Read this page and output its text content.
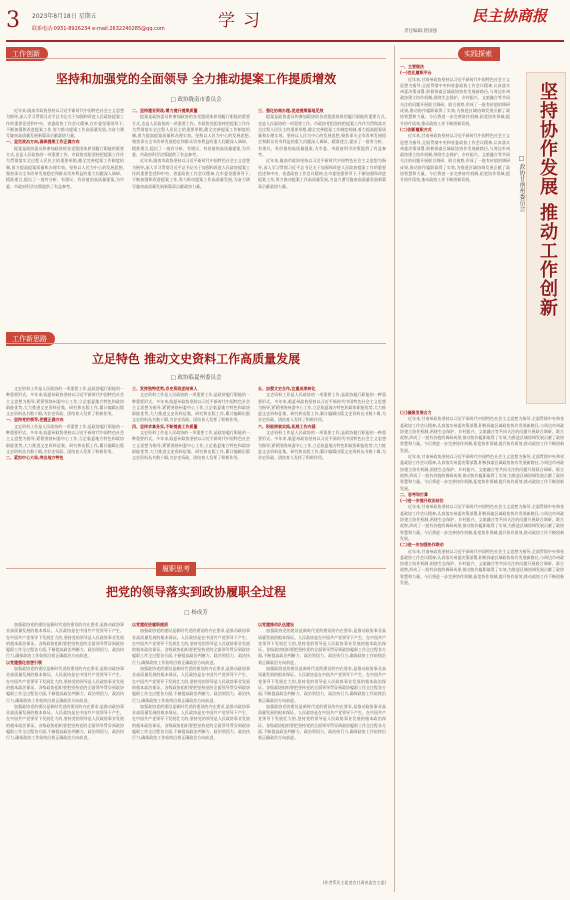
3 2023年8月18日 星期五
联系电话:0931-8926234 e-mail:2632240285@qq.com	学习
责任编辑:唐国强
民主协商报
工作创新
坚持和加强党的全面领导 全力推动提案工作提质增效
□ 政协陇南市委员会

近年来,陇南市政协坚持以习近平新时代中国特色社会主义思想为指导,深入学习贯彻习近平总书记关于加强和改进人民政协提案工作的重要论述和中央、省委政协工作会议精神,在市委坚强领导下,不断加强和改进提案工作,努力推动提案工作高质量发展,为奋力谱写陇南高质量发展新篇章贡献政协力量。

一、坚定政治方向,确保提案工作正确方向

提案是政协委员和参加政协的各党派团体界别履行职能的重要方式,也是人民政协的一项重要工作。市政协党组坚持把提案工作作为贯彻落实全过程人民民主的重要举措,健全完善提案工作制度机制,着力提高提案质量和办理实效。坚持以人民为中心的发展思想,聚焦事关全市改革发展稳定和群众切身利益的重大问题深入调研、精准建言,提出了一批有分析、有建议、有价值的高质量提案,为市委、市政府科学决策提供了有益参考。

二、坚持建言资政,着力提升提案质量

提案是政协委员和参加政协的各党派团体界别履行职能的重要方式,也是人民政协的一项重要工作。市政协党组坚持把提案工作作为贯彻落实全过程人民民主的重要举措,健全完善提案工作制度机制,着力提高提案质量和办理实效。坚持以人民为中心的发展思想,聚焦事关全市改革发展稳定和群众切身利益的重大问题深入调研、精准建言,提出了一批有分析、有建议、有价值的高质量提案,为市委、市政府科学决策提供了有益参考。

近年来,陇南市政协坚持以习近平新时代中国特色社会主义思想为指导,深入学习贯彻习近平总书记关于加强和改进人民政协提案工作的重要论述和中央、省委政协工作会议精神,在市委坚强领导下,不断加强和改进提案工作,努力推动提案工作高质量发展,为奋力谱写陇南高质量发展新篇章贡献政协力量。

三、强化协商办理,促进提案落地见效

提案是政协委员和参加政协的各党派团体界别履行职能的重要方式,也是人民政协的一项重要工作。市政协党组坚持把提案工作作为贯彻落实全过程人民民主的重要举措,健全完善提案工作制度机制,着力提高提案质量和办理实效。坚持以人民为中心的发展思想,聚焦事关全市改革发展稳定和群众切身利益的重大问题深入调研、精准建言,提出了一批有分析、有建议、有价值的高质量提案,为市委、市政府科学决策提供了有益参考。

近年来,陇南市政协坚持以习近平新时代中国特色社会主义思想为指导,深入学习贯彻习近平总书记关于加强和改进人民政协提案工作的重要论述和中央、省委政协工作会议精神,在市委坚强领导下,不断加强和改进提案工作,努力推动提案工作高质量发展,为奋力谱写陇南高质量发展新篇章贡献政协力量。

工作新思路
立足特色 推动文史资料工作高质量发展
□ 政协临夏州委员会

文史资料工作是人民政协的一项重要工作,是政协履行职能的一种重要形式。多年来,临夏州政协坚持以习近平新时代中国特色社会主义思想为指导,紧紧围绕州委中心工作,立足临夏地方特色和政协职能优势,大力推进文史资料征集、研究和出版工作,累计编辑出版文史资料丛书数十辑,为存史资政、团结育人发挥了积极作用。

一、坚持党的领导,把握正确方向

文史资料工作是人民政协的一项重要工作,是政协履行职能的一种重要形式。多年来,临夏州政协坚持以习近平新时代中国特色社会主义思想为指导,紧紧围绕州委中心工作,立足临夏地方特色和政协职能优势,大力推进文史资料征集、研究和出版工作,累计编辑出版文史资料丛书数十辑,为存史资政、团结育人发挥了积极作用。

二、紧扣中心大局,突出地方特色

三、发挥独特优势,存史资政团结育人

文史资料工作是人民政协的一项重要工作,是政协履行职能的一种重要形式。多年来,临夏州政协坚持以习近平新时代中国特色社会主义思想为指导,紧紧围绕州委中心工作,立足临夏地方特色和政协职能优势,大力推进文史资料征集、研究和出版工作,累计编辑出版文史资料丛书数十辑,为存史资政、团结育人发挥了积极作用。

四、坚持求真务实,不断提高工作质量

文史资料工作是人民政协的一项重要工作,是政协履行职能的一种重要形式。多年来,临夏州政协坚持以习近平新时代中国特色社会主义思想为指导,紧紧围绕州委中心工作,立足临夏地方特色和政协职能优势,大力推进文史资料征集、研究和出版工作,累计编辑出版文史资料丛书数十辑,为存史资政、团结育人发挥了积极作用。

五、加强文史合作,注重成果转化

文史资料工作是人民政协的一项重要工作,是政协履行职能的一种重要形式。多年来,临夏州政协坚持以习近平新时代中国特色社会主义思想为指导,紧紧围绕州委中心工作,立足临夏地方特色和政协职能优势,大力推进文史资料征集、研究和出版工作,累计编辑出版文史资料丛书数十辑,为存史资政、团结育人发挥了积极作用。

六、积极探索实践,拓展工作内涵

文史资料工作是人民政协的一项重要工作,是政协履行职能的一种重要形式。多年来,临夏州政协坚持以习近平新时代中国特色社会主义思想为指导,紧紧围绕州委中心工作,立足临夏地方特色和政协职能优势,大力推进文史资料征集、研究和出版工作,累计编辑出版文史资料丛书数十辑,为存史资政、团结育人发挥了积极作用。

履职思考
把党的领导落实到政协履职全过程
□ 杨成芳

加强政协党的建设是新时代党的建设的内在要求,是推动政协事业高质量发展的根本保证。人民政协是在中国共产党领导下产生、在中国共产党领导下发展壮大的,坚持党的领导是人民政协事业发展的根本政治保证。各级政协组织要把坚持党的全面领导贯穿到政协履职工作全过程各方面,不断提高政治判断力、政治领悟力、政治执行力,确保政协工作始终沿着正确政治方向前进。

以党建强化思想引领

加强政协党的建设是新时代党的建设的内在要求,是推动政协事业高质量发展的根本保证。人民政协是在中国共产党领导下产生、在中国共产党领导下发展壮大的,坚持党的领导是人民政协事业发展的根本政治保证。各级政协组织要把坚持党的全面领导贯穿到政协履职工作全过程各方面,不断提高政治判断力、政治领悟力、政治执行力,确保政协工作始终沿着正确政治方向前进。

加强政协党的建设是新时代党的建设的内在要求,是推动政协事业高质量发展的根本保证。人民政协是在中国共产党领导下产生、在中国共产党领导下发展壮大的,坚持党的领导是人民政协事业发展的根本政治保证。各级政协组织要把坚持党的全面领导贯穿到政协履职工作全过程各方面,不断提高政治判断力、政治领悟力、政治执行力,确保政协工作始终沿着正确政治方向前进。

以党建促进履职提质

加强政协党的建设是新时代党的建设的内在要求,是推动政协事业高质量发展的根本保证。人民政协是在中国共产党领导下产生、在中国共产党领导下发展壮大的,坚持党的领导是人民政协事业发展的根本政治保证。各级政协组织要把坚持党的全面领导贯穿到政协履职工作全过程各方面,不断提高政治判断力、政治领悟力、政治执行力,确保政协工作始终沿着正确政治方向前进。

加强政协党的建设是新时代党的建设的内在要求,是推动政协事业高质量发展的根本保证。人民政协是在中国共产党领导下产生、在中国共产党领导下发展壮大的,坚持党的领导是人民政协事业发展的根本政治保证。各级政协组织要把坚持党的全面领导贯穿到政协履职工作全过程各方面,不断提高政治判断力、政治领悟力、政治执行力,确保政协工作始终沿着正确政治方向前进。

加强政协党的建设是新时代党的建设的内在要求,是推动政协事业高质量发展的根本保证。人民政协是在中国共产党领导下产生、在中国共产党领导下发展壮大的,坚持党的领导是人民政协事业发展的根本政治保证。各级政协组织要把坚持党的全面领导贯穿到政协履职工作全过程各方面,不断提高政治判断力、政治领悟力、政治执行力,确保政协工作始终沿着正确政治方向前进。

以党建推动队伍建设

加强政协党的建设是新时代党的建设的内在要求,是推动政协事业高质量发展的根本保证。人民政协是在中国共产党领导下产生、在中国共产党领导下发展壮大的,坚持党的领导是人民政协事业发展的根本政治保证。各级政协组织要把坚持党的全面领导贯穿到政协履职工作全过程各方面,不断提高政治判断力、政治领悟力、政治执行力,确保政协工作始终沿着正确政治方向前进。

加强政协党的建设是新时代党的建设的内在要求,是推动政协事业高质量发展的根本保证。人民政协是在中国共产党领导下产生、在中国共产党领导下发展壮大的,坚持党的领导是人民政协事业发展的根本政治保证。各级政协组织要把坚持党的全面领导贯穿到政协履职工作全过程各方面,不断提高政治判断力、政治领悟力、政治执行力,确保政协工作始终沿着正确政治方向前进。

加强政协党的建设是新时代党的建设的内在要求,是推动政协事业高质量发展的根本保证。人民政协是在中国共产党领导下产生、在中国共产党领导下发展壮大的,坚持党的领导是人民政协事业发展的根本政治保证。各级政协组织要把坚持党的全面领导贯穿到政协履职工作全过程各方面,不断提高政治判断力、政治领悟力、政治执行力,确保政协工作始终沿着正确政治方向前进。

(作者系民主促进会甘肃省委会主委)
实践探索
坚持协作发展 推动工作创新
□ 政协甘南州委员会

一、主要做法

(一)优化履职平台

近年来,甘南州政协坚持以习近平新时代中国特色社会主义思想为指导,全面贯彻中央和省委政协工作会议精神,认真落实州委决策部署,积极探索区域政协协作发展新路径,与周边市州政协建立协作机制,围绕生态保护、乡村振兴、文旅融合等共同关注的问题开展联合调研、联合视察,形成了一批有价值的调研成果,推动协作履职取得了实效,为推进区域协调发展贡献了政协智慧和力量。今后将进一步完善协作机制,拓宽协作领域,提升协作质效,推动政协工作不断创新发展。

(二)创新履职方式

近年来,甘南州政协坚持以习近平新时代中国特色社会主义思想为指导,全面贯彻中央和省委政协工作会议精神,认真落实州委决策部署,积极探索区域政协协作发展新路径,与周边市州政协建立协作机制,围绕生态保护、乡村振兴、文旅融合等共同关注的问题开展联合调研、联合视察,形成了一批有价值的调研成果,推动协作履职取得了实效,为推进区域协调发展贡献了政协智慧和力量。今后将进一步完善协作机制,拓宽协作领域,提升协作质效,推动政协工作不断创新发展。

(三)凝聚发展合力

近年来,甘南州政协坚持以习近平新时代中国特色社会主义思想为指导,全面贯彻中央和省委政协工作会议精神,认真落实州委决策部署,积极探索区域政协协作发展新路径,与周边市州政协建立协作机制,围绕生态保护、乡村振兴、文旅融合等共同关注的问题开展联合调研、联合视察,形成了一批有价值的调研成果,推动协作履职取得了实效,为推进区域协调发展贡献了政协智慧和力量。今后将进一步完善协作机制,拓宽协作领域,提升协作质效,推动政协工作不断创新发展。

近年来,甘南州政协坚持以习近平新时代中国特色社会主义思想为指导,全面贯彻中央和省委政协工作会议精神,认真落实州委决策部署,积极探索区域政协协作发展新路径,与周边市州政协建立协作机制,围绕生态保护、乡村振兴、文旅融合等共同关注的问题开展联合调研、联合视察,形成了一批有价值的调研成果,推动协作履职取得了实效,为推进区域协调发展贡献了政协智慧和力量。今后将进一步完善协作机制,拓宽协作领域,提升协作质效,推动政协工作不断创新发展。

二、思考和打算

(一)进一步提升政治站位

近年来,甘南州政协坚持以习近平新时代中国特色社会主义思想为指导,全面贯彻中央和省委政协工作会议精神,认真落实州委决策部署,积极探索区域政协协作发展新路径,与周边市州政协建立协作机制,围绕生态保护、乡村振兴、文旅融合等共同关注的问题开展联合调研、联合视察,形成了一批有价值的调研成果,推动协作履职取得了实效,为推进区域协调发展贡献了政协智慧和力量。今后将进一步完善协作机制,拓宽协作领域,提升协作质效,推动政协工作不断创新发展。

(二)进一步加强协作联动

近年来,甘南州政协坚持以习近平新时代中国特色社会主义思想为指导,全面贯彻中央和省委政协工作会议精神,认真落实州委决策部署,积极探索区域政协协作发展新路径,与周边市州政协建立协作机制,围绕生态保护、乡村振兴、文旅融合等共同关注的问题开展联合调研、联合视察,形成了一批有价值的调研成果,推动协作履职取得了实效,为推进区域协调发展贡献了政协智慧和力量。今后将进一步完善协作机制,拓宽协作领域,提升协作质效,推动政协工作不断创新发展。
